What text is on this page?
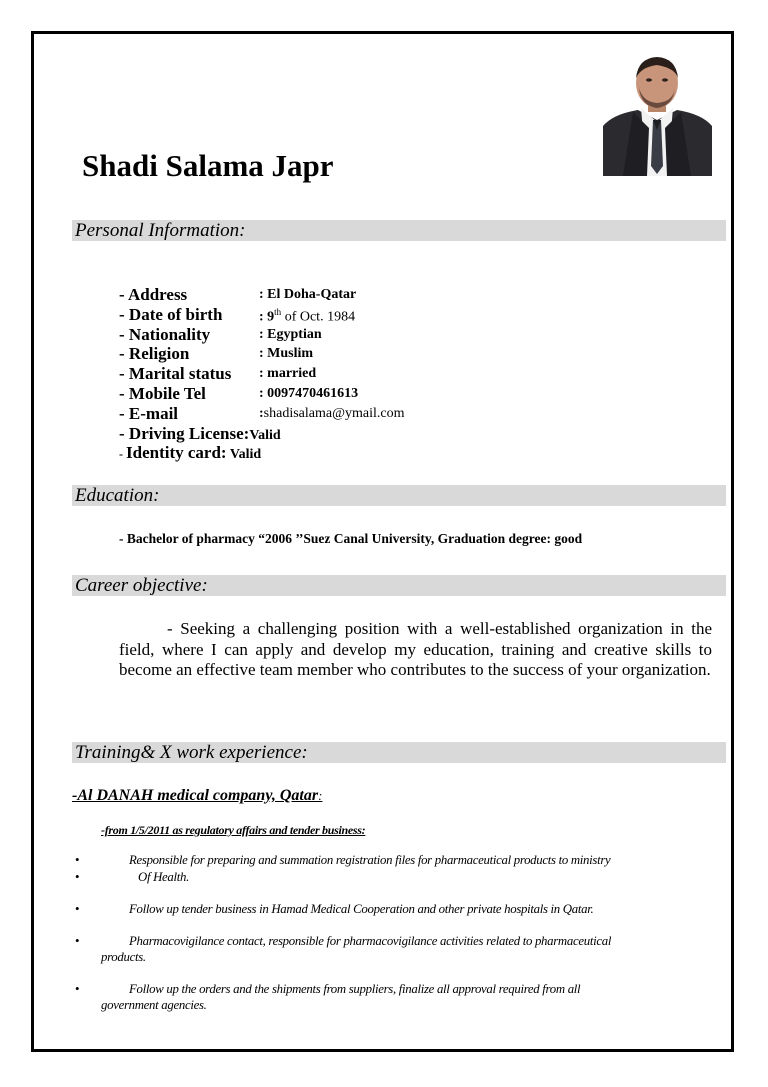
Shadi Salama Japr
Personal Information:
- Address	: El Doha-Qatar
- Date of birth	: 9th of Oct. 1984
- Nationality	: Egyptian
- Religion	: Muslim
- Marital status : married
- Mobile Tel	: 0097470461613
- E-mail	:shadisalama@ymail.com
- Driving License:Valid
- Identity card: Valid
Education:
- Bachelor of pharmacy “2006 ’’Suez Canal University, Graduation degree: good
Career objective:
- Seeking a challenging position with a well-established organization in the field, where I can apply and develop my education, training and creative skills to become an effective team member who contributes to the success of your organization.
Training& X work experience:
-Al DANAH medical company, Qatar:
-from 1/5/2011 as regulatory affairs and tender business:
•	Responsible for preparing and summation registration files for pharmaceutical products to ministry
•	Of Health.
•	Follow up tender business in Hamad Medical Cooperation and other private hospitals in Qatar.
•	Pharmacovigilance contact, responsible for pharmacovigilance activities related to pharmaceutical
products.
•	Follow up the orders and the shipments from suppliers, finalize all approval required from all
government agencies.
